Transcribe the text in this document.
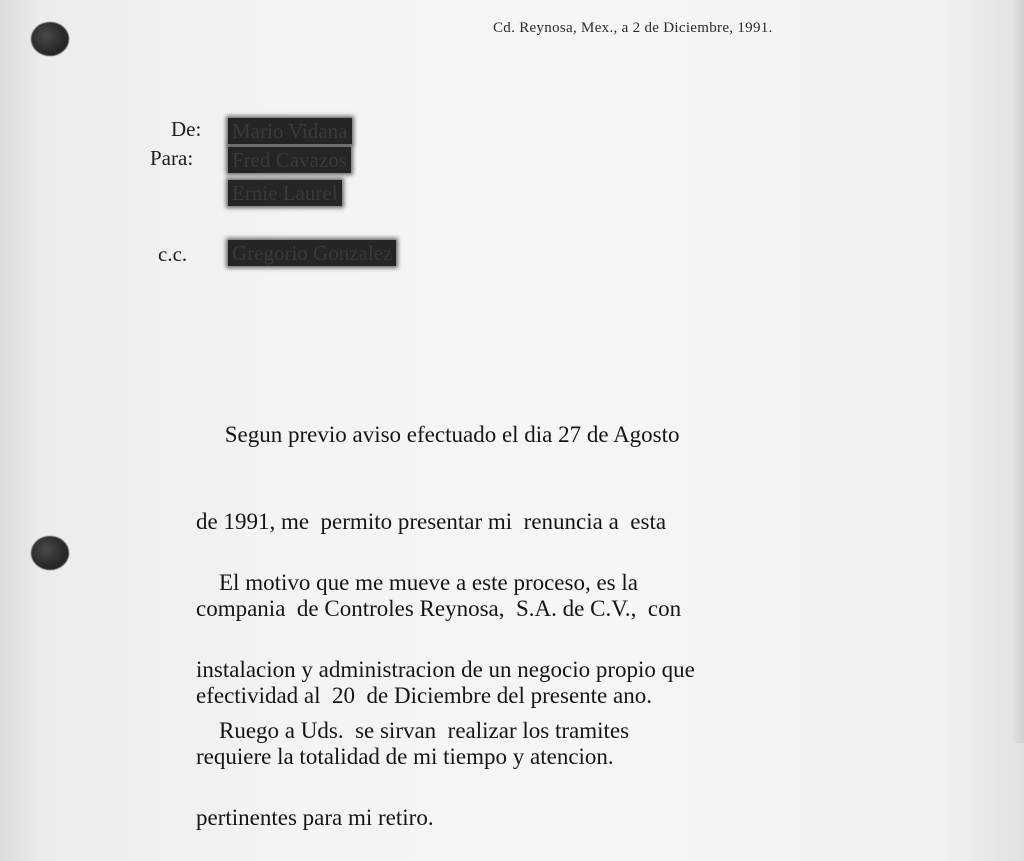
Cd. Reynosa, Mex., a 2 de Diciembre, 1991.
De: Mario Vidana
Para: Fred Cavazos
Ernie Laurel
c.c. Gregorio Gonzalez

Segun previo aviso efectuado el dia 27 de Agosto

de 1991, me  permito presentar mi  renuncia a  esta

compania  de Controles Reynosa,  S.A. de C.V.,  con

efectividad al  20  de Diciembre del presente ano.

El motivo que me mueve a este proceso, es la

instalacion y administracion de un negocio propio que

requiere la totalidad de mi tiempo y atencion.

Ruego a Uds.  se sirvan  realizar los tramites

pertinentes para mi retiro.
